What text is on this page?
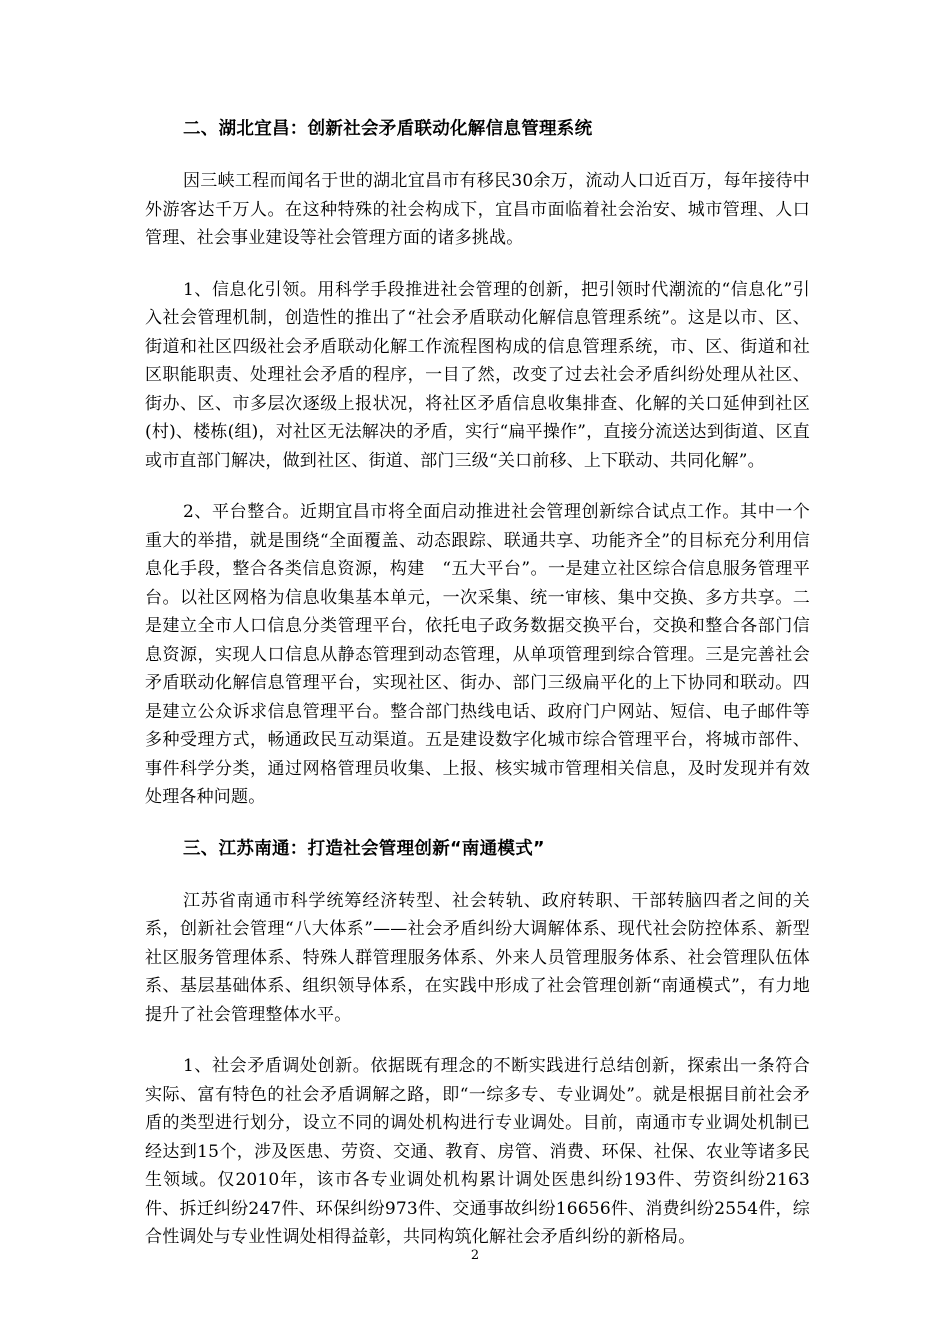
二、湖北宜昌：创新社会矛盾联动化解信息管理系统

因三峡工程而闻名于世的湖北宜昌市有移民30余万，流动人口近百万，每年接待中外游客达千万人。在这种特殊的社会构成下，宜昌市面临着社会治安、城市管理、人口管理、社会事业建设等社会管理方面的诸多挑战。

1、信息化引领。用科学手段推进社会管理的创新，把引领时代潮流的“信息化”引入社会管理机制，创造性的推出了“社会矛盾联动化解信息管理系统”。这是以市、区、街道和社区四级社会矛盾联动化解工作流程图构成的信息管理系统，市、区、街道和社区职能职责、处理社会矛盾的程序，一目了然，改变了过去社会矛盾纠纷处理从社区、街办、区、市多层次逐级上报状况，将社区矛盾信息收集排查、化解的关口延伸到社区(村)、楼栋(组)，对社区无法解决的矛盾，实行“扁平操作”，直接分流送达到街道、区直或市直部门解决，做到社区、街道、部门三级“关口前移、上下联动、共同化解”。

2、平台整合。近期宜昌市将全面启动推进社会管理创新综合试点工作。其中一个重大的举措，就是围绕“全面覆盖、动态跟踪、联通共享、功能齐全”的目标充分利用信息化手段，整合各类信息资源，构建　“五大平台”。一是建立社区综合信息服务管理平台。以社区网格为信息收集基本单元，一次采集、统一审核、集中交换、多方共享。二是建立全市人口信息分类管理平台，依托电子政务数据交换平台，交换和整合各部门信息资源，实现人口信息从静态管理到动态管理，从单项管理到综合管理。三是完善社会矛盾联动化解信息管理平台，实现社区、街办、部门三级扁平化的上下协同和联动。四是建立公众诉求信息管理平台。整合部门热线电话、政府门户网站、短信、电子邮件等多种受理方式，畅通政民互动渠道。五是建设数字化城市综合管理平台，将城市部件、事件科学分类，通过网格管理员收集、上报、核实城市管理相关信息，及时发现并有效处理各种问题。

三、江苏南通：打造社会管理创新“南通模式”

江苏省南通市科学统筹经济转型、社会转轨、政府转职、干部转脑四者之间的关系，创新社会管理“八大体系”——社会矛盾纠纷大调解体系、现代社会防控体系、新型社区服务管理体系、特殊人群管理服务体系、外来人员管理服务体系、社会管理队伍体系、基层基础体系、组织领导体系，在实践中形成了社会管理创新“南通模式”，有力地提升了社会管理整体水平。

1、社会矛盾调处创新。依据既有理念的不断实践进行总结创新，探索出一条符合实际、富有特色的社会矛盾调解之路，即“一综多专、专业调处”。就是根据目前社会矛盾的类型进行划分，设立不同的调处机构进行专业调处。目前，南通市专业调处机制已经达到15个，涉及医患、劳资、交通、教育、房管、消费、环保、社保、农业等诸多民生领域。仅2010年，该市各专业调处机构累计调处医患纠纷193件、劳资纠纷2163件、拆迁纠纷247件、环保纠纷973件、交通事故纠纷16656件、消费纠纷2554件，综合性调处与专业性调处相得益彰，共同构筑化解社会矛盾纠纷的新格局。

2
